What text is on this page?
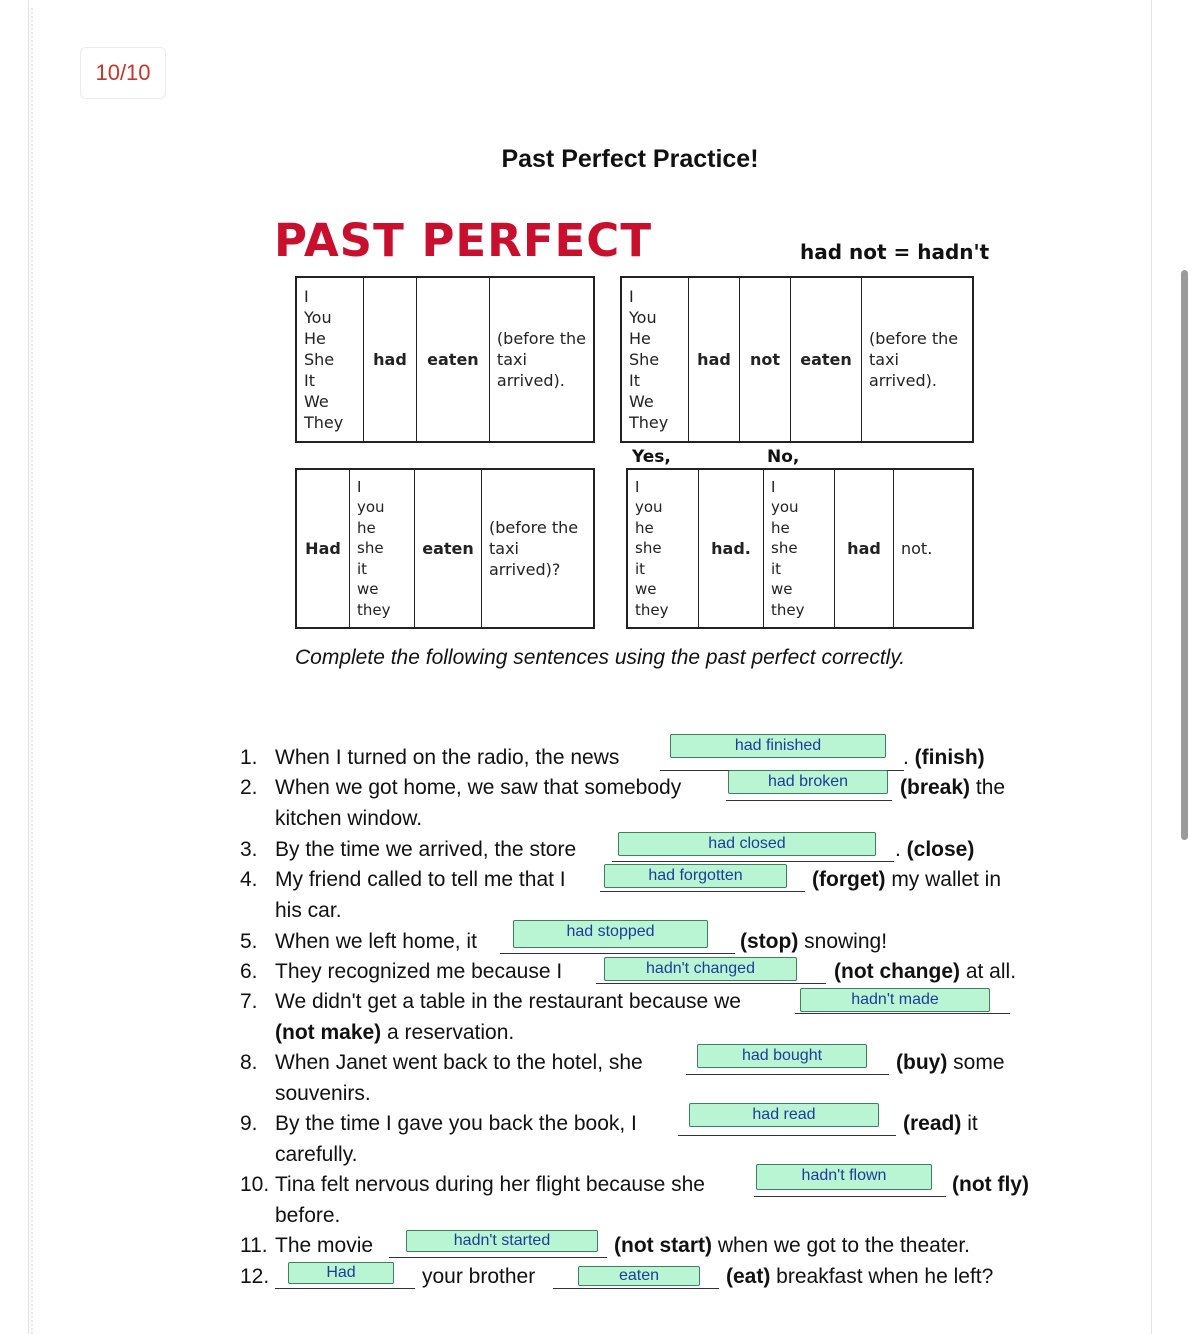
10/10
Past Perfect Practice!
PAST PERFECT	had not = hadn't
I
You
He
She
It
We
They	had	eaten	(before the
taxi
arrived).
I
You
He
She
It
We
They	had	not	eaten	(before the
taxi
arrived).
Yes,	No,
Had	I
you
he
she
it
we
they	eaten	(before the
taxi
arrived)?
I
you
he
she
it
we
they	had.	I
you
he
she
it
we
they	had	not.
Complete the following sentences using the past perfect correctly.
1. When I turned on the radio, the news
had finished
. (finish)
2. When we got home, we saw that somebody	had broken	(break) the
kitchen window.
3. By the time we arrived, the store	had closed	. (close)
4. My friend called to tell me that I	had forgotten	(forget) my wallet in
his car.
5. When we left home, it	had stopped	(stop) snowing!
6. They recognized me because I	hadn't changed	(not change) at all.
7. We didn't get a table in the restaurant because we	hadn't made
(not make) a reservation.
8. When Janet went back to the hotel, she	had bought	(buy) some
souvenirs.
9. By the time I gave you back the book, I	had read	(read) it
carefully.
10. Tina felt nervous during her flight because she	hadn't flown	(not fly)
before.
11. The movie	hadn't started	(not start) when we got to the theater.
12.	Had	your brother	eaten	(eat) breakfast when he left?
